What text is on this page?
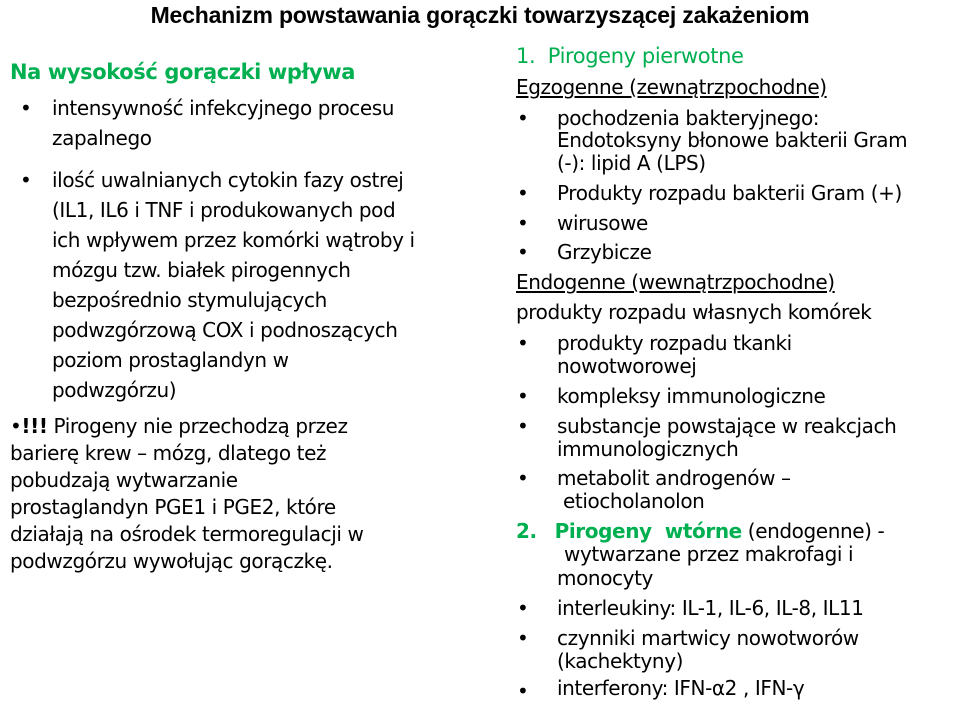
Mechanizm powstawania gorączki towarzyszącej zakażeniom
Na wysokość gorączki wpływa
• intensywność infekcyjnego procesu
zapalnego
• ilość uwalnianych cytokin fazy ostrej
(IL1, IL6 i TNF i produkowanych pod
ich wpływem przez komórki wątroby i
mózgu tzw. białek pirogennych
bezpośrednio stymulujących
podwzgórzową COX i podnoszących
poziom prostaglandyn w
podwzgórzu)
•!!! Pirogeny nie przechodzą przez
barierę krew – mózg, dlatego też
pobudzają wytwarzanie
prostaglandyn PGE1 i PGE2, które
działają na ośrodek termoregulacji w
podwzgórzu wywołując gorączkę.
1.  Pirogeny pierwotne
Egzogenne (zewnątrzpochodne)
• pochodzenia bakteryjnego:
Endotoksyny błonowe bakterii Gram
(-): lipid A (LPS)
• Produkty rozpadu bakterii Gram (+)
• wirusowe
• Grzybicze
Endogenne (wewnątrzpochodne)
produkty rozpadu własnych komórek
• produkty rozpadu tkanki
nowotworowej
• kompleksy immunologiczne
• substancje powstające w reakcjach
immunologicznych
• metabolit androgenów –
etiocholanolon
2. Pirogeny  wtórne (endogenne) -
wytwarzane przez makrofagi i
monocyty
• interleukiny: IL-1, IL-6, IL-8, IL11
• czynniki martwicy nowotworów
(kachektyny)
• interferony: IFN-α2 , IFN-γ
